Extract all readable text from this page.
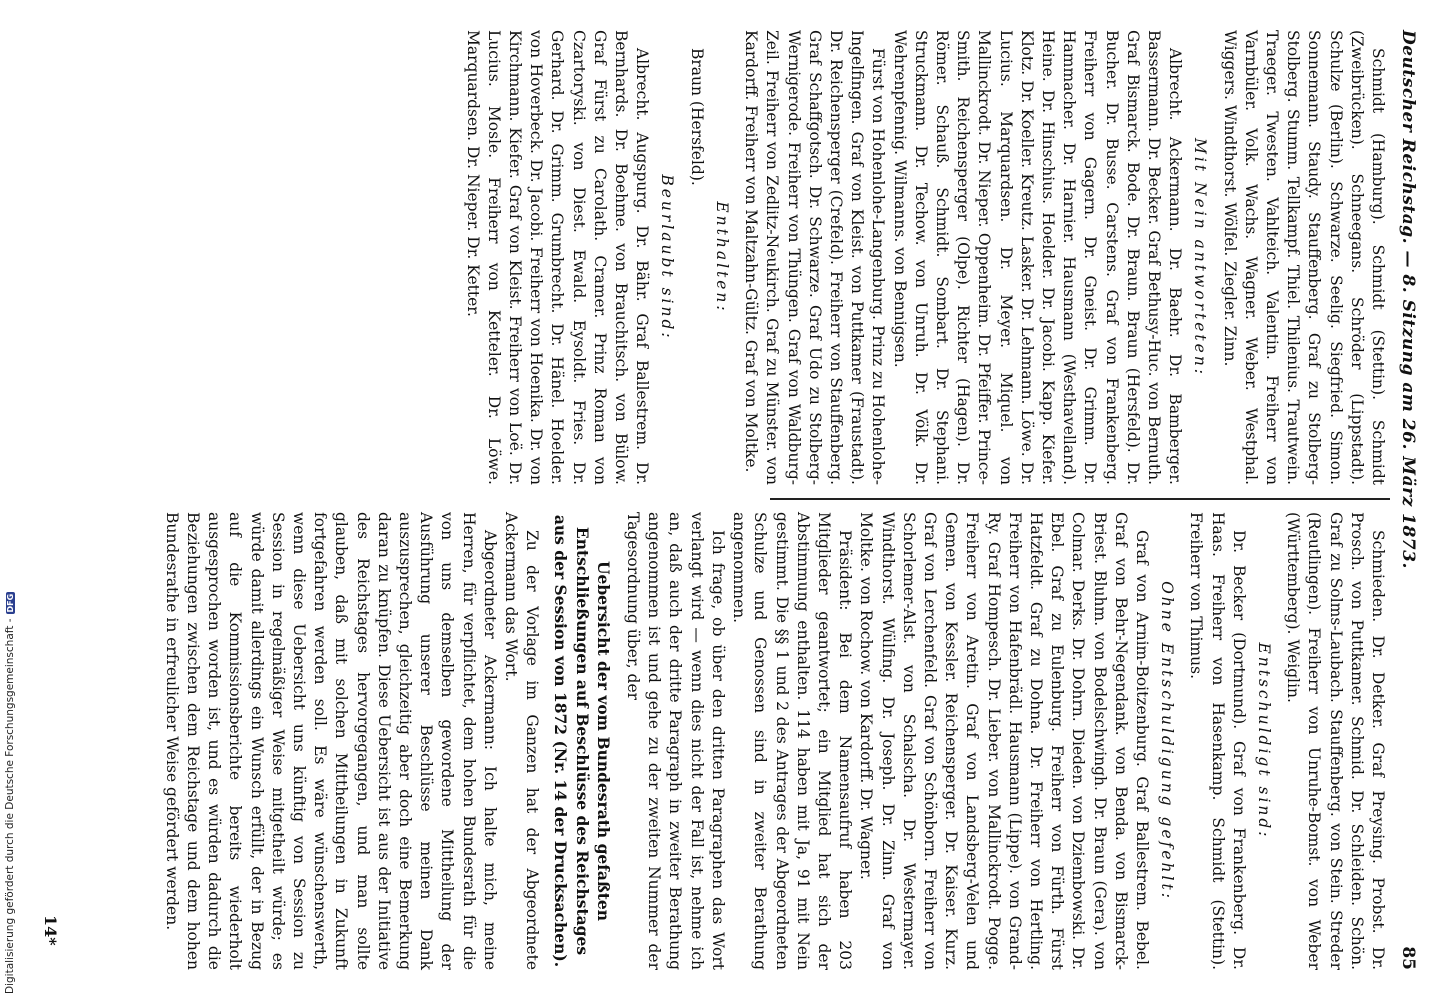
Deutscher Reichstag. — 8. Sitzung am 26. März 1873.
85

Schmidt (Hamburg). Schmidt (Stettin). Schmidt (Zweibrücken). Schneegans. Schröder (Lippstadt). Schulze (Berlin). Schwarze. Seelig. Siegfried. Simon. Sonnemann. Staudy. Stauffenberg. Graf zu Stolberg-Stolberg. Stumm. Tellkampf. Thiel. Thilenius. Trautwein. Traeger. Twesten. Vahlteich. Valentin. Freiherr von Varnbüler. Volk. Wachs. Wagner. Weber. Westphal. Wiggers. Windthorst. Wölfel. Ziegler. Zinn.

Mit Nein antworteten:

Albrecht. Ackermann. Dr. Baehr. Dr. Bamberger. Bassermann. Dr. Becker. Graf Bethusy-Huc. von Bernuth. Graf Bismarck. Bode. Dr. Braun. Braun (Hersfeld). Dr. Bucher. Dr. Busse. Carstens. Graf von Frankenberg. Freiherr von Gagern. Dr. Gneist. Dr. Grimm. Dr. Hammacher. Dr. Harnier. Hausmann (Westhavelland). Heine. Dr. Hinschius. Hoelder. Dr. Jacobi. Kapp. Kiefer. Klotz. Dr. Koeller. Kreutz. Lasker. Dr. Lehmann. Löwe. Dr. Lucius. Marquardsen. Dr. Meyer. Miquel. von Mallinckrodt. Dr. Nieper. Oppenheim. Dr. Pfeiffer. Prince-Smith. Reichensperger (Olpe). Richter (Hagen). Dr. Römer. Schauß. Schmidt. Sombart. Dr. Stephani. Struckmann. Dr. Techow. von Unruh. Dr. Völk. Dr. Wehrenpfennig. Wilmanns. von Bennigsen.

Fürst von Hohenlohe-Langenburg. Prinz zu Hohenlohe-Ingelfingen. Graf von Kleist. von Puttkamer (Fraustadt). Dr. Reichensperger (Crefeld). Freiherr von Stauffenberg. Graf Schaffgotsch. Dr. Schwarze. Graf Udo zu Stolberg-Wernigerode. Freiherr von Thüngen. Graf von Waldburg-Zeil. Freiherr von Zedlitz-Neukirch. Graf zu Münster. von Kardorff. Freiherr von Maltzahn-Gültz. Graf von Moltke.

Enthalten:

Braun (Hersfeld).

Beurlaubt sind:

Albrecht. Augspurg. Dr. Bähr. Graf Ballestrem. Dr. Bernhards. Dr. Boehme. von Brauchitsch. von Bülow. Graf Fürst zu Carolath. Cramer. Prinz Roman von Czartoryski. von Diest. Ewald. Eysoldt. Fries. Dr. Gerhard. Dr. Grimm. Grumbrecht. Dr. Hänel. Hoelder. von Hoverbeck. Dr. Jacobi. Freiherr von Hoenika. Dr. von Kirchmann. Kiefer. Graf von Kleist. Freiherr von Loë. Dr. Lucius. Mosle. Freiherr von Ketteler. Dr. Löwe. Marquardsen. Dr. Nieper. Dr. Ketter.

Schmieden. Dr. Detker. Graf Preysing. Probst. Dr. Prosch. von Puttkamer. Schmid. Dr. Schleiden. Schön. Graf zu Solms-Laubach. Stauffenberg. von Stein. Streder (Reutlingen). Freiherr von Unruhe-Bomst. von Weber (Württemberg). Weiglin.

Entschuldigt sind:

Dr. Becker (Dortmund). Graf von Frankenberg. Dr. Haas. Freiherr von Hasenkamp. Schmidt (Stettin). Freiherr von Thimus.

Ohne Entschuldigung gefehlt:

Graf von Arnim-Boitzenburg. Graf Ballestrem. Bebel. Graf von Behr-Negendank. von Benda. von Bismarck-Briest. Bluhm. von Bodelschwingh. Dr. Braun (Gera). von Colmar. Derks. Dr. Dohrn. Dieden. von Dziembowski. Dr. Ebel. Graf zu Eulenburg. Freiherr von Fürth. Fürst Hatzfeldt. Graf zu Dohna. Dr. Freiherr von Hertling. Freiherr von Hafenbrädl. Hausmann (Lippe). von Grand-Ry. Graf Hompesch. Dr. Lieber. von Mallinckrodt. Pogge. Freiherr von Aretin. Graf von Landsberg-Velen und Gemen. von Kessler. Reichensperger. Dr. Kaiser. Kurz. Graf von Lerchenfeld. Graf von Schönborn. Freiherr von Schorlemer-Alst. von Schalscha. Dr. Westermayer. Windthorst. Wülfing. Dr. Joseph. Dr. Zinn. Graf von Moltke. von Rochow. von Kardorff. Dr. Wagner.

Präsident: Bei dem Namensaufruf haben 203 Mitglieder geantwortet; ein Mitglied hat sich der Abstimmung enthalten. 114 haben mit Ja, 91 mit Nein gestimmt. Die §§ 1 und 2 des Antrages der Abgeordneten Schulze und Genossen sind in zweiter Berathung angenommen.

Ich frage, ob über den dritten Paragraphen das Wort verlangt wird — wenn dies nicht der Fall ist, nehme ich an, daß auch der dritte Paragraph in zweiter Berathung angenommen ist und gehe zu der zweiten Nummer der Tagesordnung über, der

Uebersicht der vom Bundesrath gefaßten Entschließungen auf Beschlüsse des Reichstages aus der Session von 1872 (Nr. 14 der Drucksachen).

Zu der Vorlage im Ganzen hat der Abgeordnete Ackermann das Wort.

Abgeordneter Ackermann: Ich halte mich, meine Herren, für verpflichtet, dem hohen Bundesrath für die von uns demselben gewordene Mittheilung der Ausführung unserer Beschlüsse meinen Dank auszusprechen, gleichzeitig aber doch eine Bemerkung daran zu knüpfen. Diese Uebersicht ist aus der Initiative des Reichstages hervorgegangen, und man sollte glauben, daß mit solchen Mittheilungen in Zukunft fortgefahren werden soll. Es wäre wünschenswerth, wenn diese Uebersicht uns künftig von Session zu Session in regelmäßiger Weise mitgetheilt würde; es würde damit allerdings ein Wunsch erfüllt, der in Bezug auf die Kommissionsberichte bereits wiederholt ausgesprochen worden ist, und es würden dadurch die Beziehungen zwischen dem Reichstage und dem hohen Bundesrathe in erfreulicher Weise gefördert werden.

14*
Digitalisierung gefördert durch die Deutsche Forschungsgemeinschaft -
DFG
